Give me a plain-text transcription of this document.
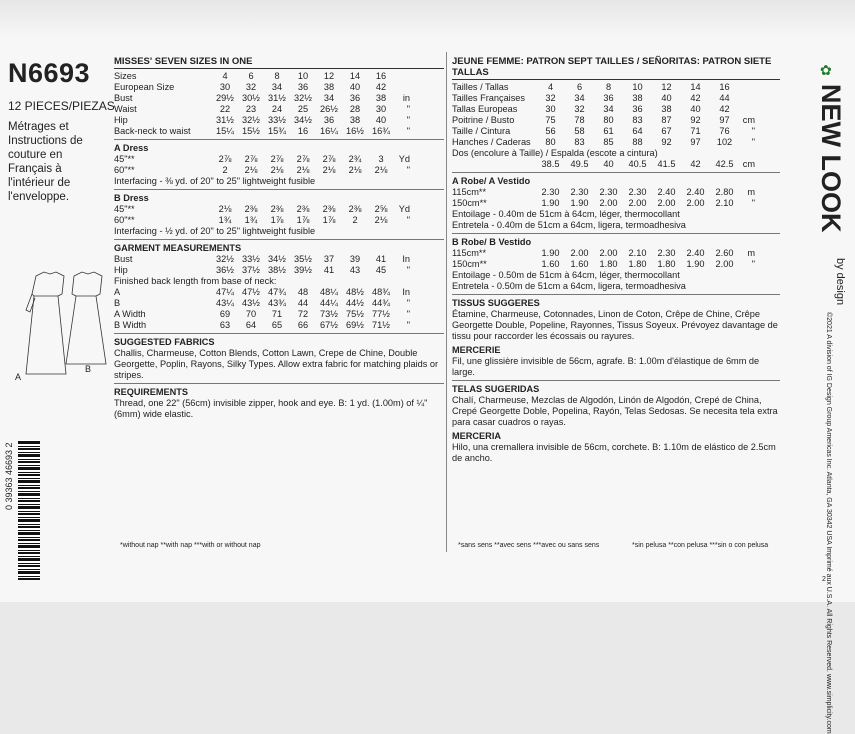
N6693
12 PIECES/PIEZAS
Métrages et Instructions de couture en Français à l'intérieur de l'enveloppe.
A
B
0 39363 46693 2
MISSES' SEVEN SIZES IN ONE
Sizes	4	6	8	10	12	14	16	
European Size	30	32	34	36	38	40	42	
Bust	29½	30½	31½	32½	34	36	38	in
Waist	22	23	24	25	26½	28	30	"
Hip	31½	32½	33½	34½	36	38	40	"
Back-neck to waist	15¼	15½	15¾	16	16¼	16½	16¾	"
A Dress
45"**	2⅞	2⅞	2⅞	2⅞	2⅞	2¾	3	Yd
60"**	2	2⅛	2⅛	2⅛	2⅛	2⅛	2⅛	"
Interfacing - ⅜ yd. of 20" to 25" lightweight fusible
B Dress
45"**	2⅛	2⅜	2⅜	2⅜	2⅜	2⅜	2⅝	Yd
60"**	1¾	1¾	1⅞	1⅞	1⅞	2	2⅛	"
Interfacing - ½ yd. of 20" to 25" lightweight fusible
GARMENT MEASUREMENTS
Bust	32½	33½	34½	35½	37	39	41	In
Hip	36½	37½	38½	39½	41	43	45	"
Finished back length from base of neck:
A	47¼	47½	47¾	48	48¼	48½	48¾	In
B	43¼	43½	43¾	44	44¼	44½	44¾	"
A Width	69	70	71	72	73½	75½	77½	"
B Width	63	64	65	66	67½	69½	71½	"
SUGGESTED FABRICS
Challis, Charmeuse, Cotton Blends, Cotton Lawn, Crepe de Chine, Double Georgette, Poplin, Rayons, Silky Types. Allow extra fabric for matching plaids or stripes.
REQUIREMENTS
Thread, one 22" (56cm) invisible zipper, hook and eye. B: 1 yd. (1.00m) of ¼" (6mm) wide elastic.
*without nap **with nap ***with or without nap
JEUNE FEMME: PATRON SEPT TAILLES / SEÑORITAS: PATRON SIETE TALLAS
Tailles / Tallas	4	6	8	10	12	14	16	
Tailles Françaises	32	34	36	38	40	42	44	
Tallas Europeas	30	32	34	36	38	40	42	
Poitrine / Busto	75	78	80	83	87	92	97	cm
Taille / Cintura	56	58	61	64	67	71	76	"
Hanches / Caderas	80	83	85	88	92	97	102	"
Dos (encolure à Taille) / Espalda (escote a cintura)
	38.5	49.5	40	40.5	41.5	42	42.5	cm
A Robe/ A Vestido
115cm**	2.30	2.30	2.30	2.30	2.40	2.40	2.80	m
150cm**	1.90	1.90	2.00	2.00	2.00	2.00	2.10	"
Entoilage - 0.40m de 51cm à 64cm, léger, thermocollant
Entretela - 0.40m de 51cm a 64cm, ligera, termoadhesiva
B Robe/ B Vestido
115cm**	1.90	2.00	2.00	2.10	2.30	2.40	2.60	m
150cm**	1.60	1.60	1.80	1.80	1.80	1.90	2.00	"
Entoilage - 0.50m de 51cm à 64cm, léger, thermocollant
Entretela - 0.50m de 51cm a 64cm, ligera, termoadhesiva
TISSUS SUGGERES
Étamine, Charmeuse, Cotonnades, Linon de Coton, Crêpe de Chine, Crêpe Georgette Double, Popeline, Rayonnes, Tissus Soyeux. Prévoyez davantage de tissu pour raccorder les écossais ou rayures.
MERCERIE
Fil, une glissière invisible de 56cm, agrafe. B: 1.00m d'élastique de 6mm de large.
TELAS SUGERIDAS
Chalí, Charmeuse, Mezclas de Algodón, Linón de Algodón, Crepé de China, Crepé Georgette Doble, Popelina, Rayón, Telas Sedosas. Se necesita tela extra para casar cuadros o rayas.
MERCERIA
Hilo, una cremallera invisible de 56cm, corchete. B: 1.10m de elástico de 2.5cm de ancho.
*sans sens **avec sens ***avec ou sans sens	*sin pelusa **con pelusa ***sin o con pelusa
✿
NEW LOOK
by design
©2021 A division of IG Design Group Americas Inc. Atlanta, GA 30342 USA Imprimé aux U.S.A. All Rights Reserved. www.simplicity.com
2
